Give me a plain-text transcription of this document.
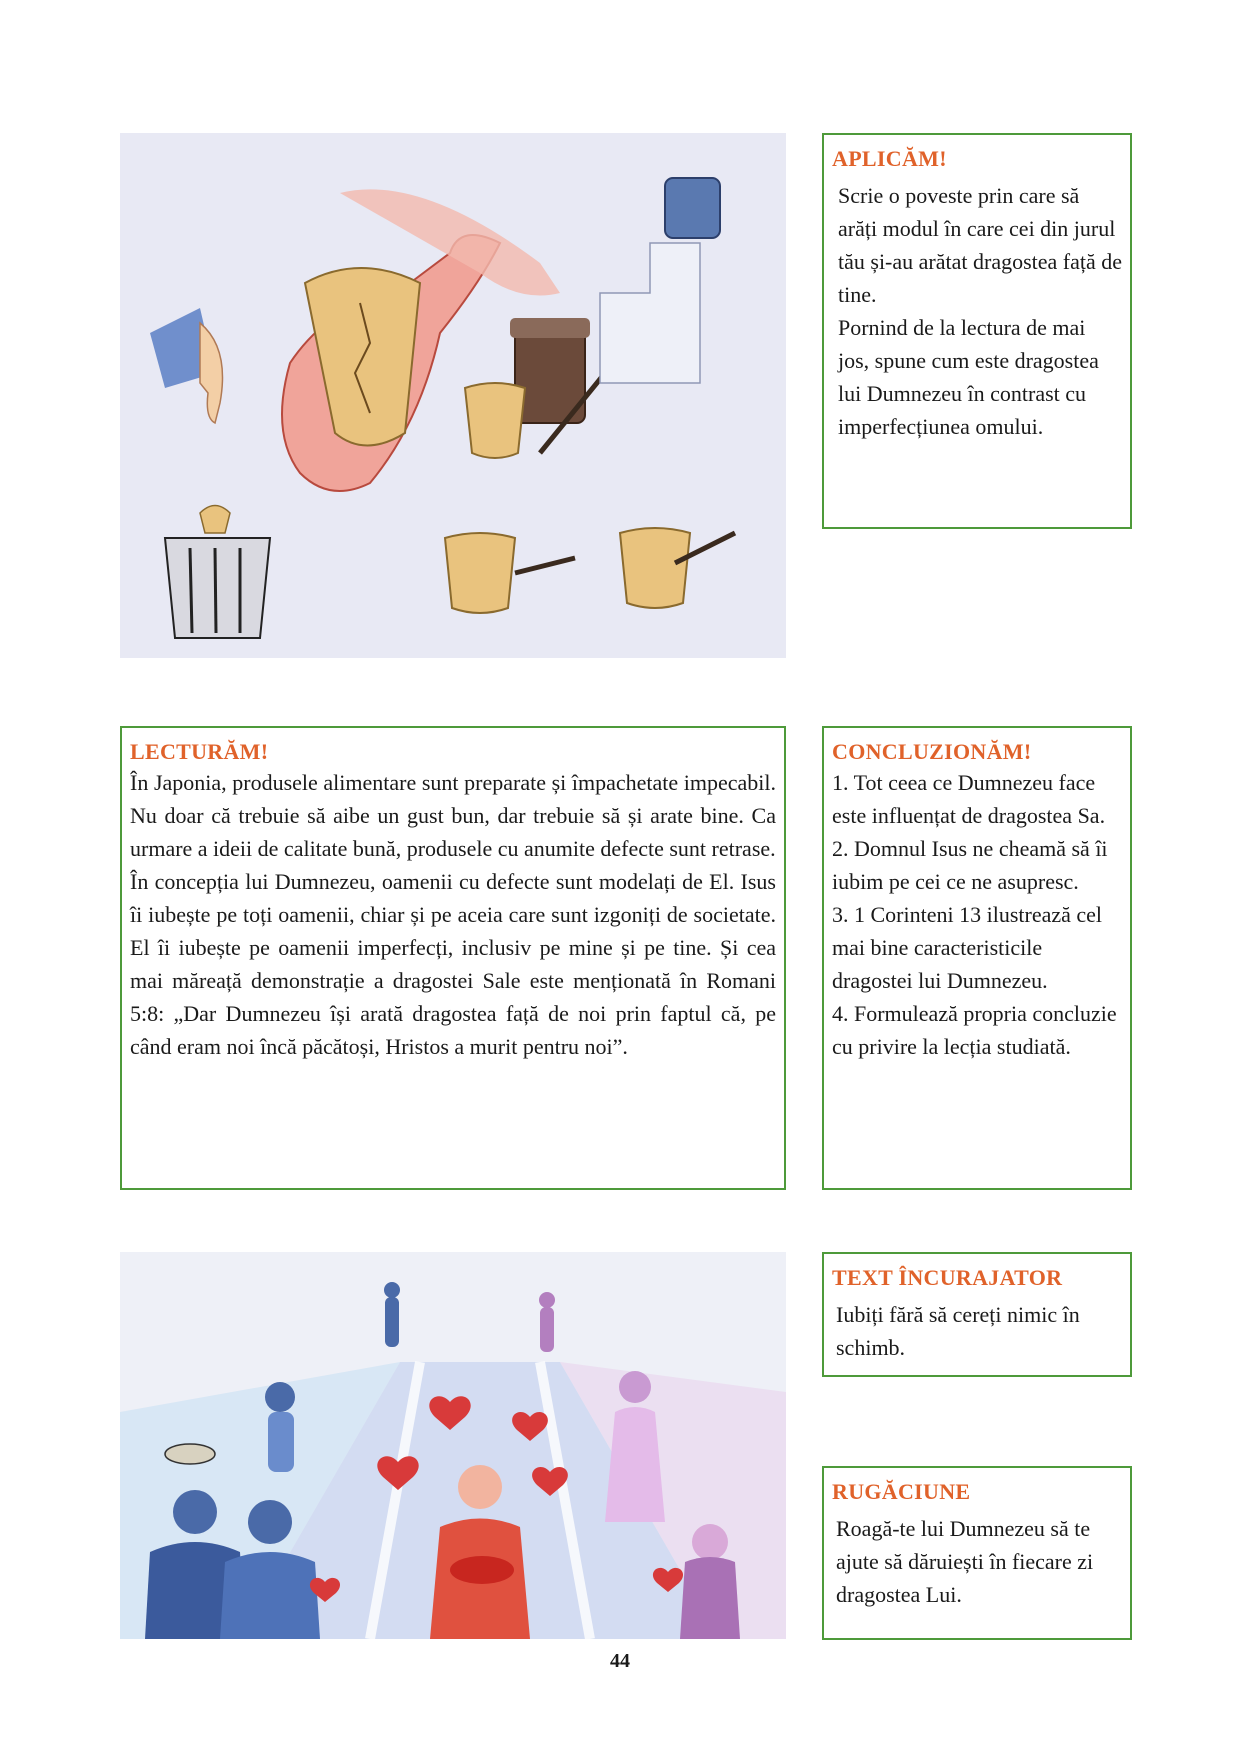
APLICĂM!

Scrie o poveste prin care să arăți modul în care cei din jurul tău și-au arătat dragostea față de tine.

Pornind de la lectura de mai jos, spune cum este dragostea lui Dumnezeu în contrast cu imperfecțiunea omului.

LECTURĂM!

În Japonia, produsele alimentare sunt preparate și împachetate impecabil. Nu doar că trebuie să aibe un gust bun, dar trebuie să și arate bine. Ca urmare a ideii de calitate bună, produsele cu anumite defecte sunt retrase.

În concepția lui Dumnezeu, oamenii cu defecte sunt modelați de El. Isus îi iubește pe toți oamenii, chiar și pe aceia care sunt izgoniți de societate. El îi iubește pe oamenii imperfecți, inclusiv pe mine și pe tine. Și cea mai măreață demonstrație a dragostei Sale este menționată în Romani 5:8: „Dar Dumnezeu își arată dragostea față de noi prin faptul că, pe când eram noi încă păcătoși, Hristos a murit pentru noi”.

CONCLUZIONĂM!

1. Tot ceea ce Dumnezeu face este influențat de dragostea Sa.

2. Domnul Isus ne cheamă să îi iubim pe cei ce ne asupresc.

3. 1 Corinteni 13 ilustrează cel mai bine caracteristicile dragostei lui Dumnezeu.

4. Formulează propria concluzie cu privire la lecția studiată.

TEXT ÎNCURAJATOR
Iubiți fără să cereți nimic în schimb.
RUGĂCIUNE
Roagă-te lui Dumnezeu să te ajute să dăruiești în fiecare zi dragostea Lui.
44
